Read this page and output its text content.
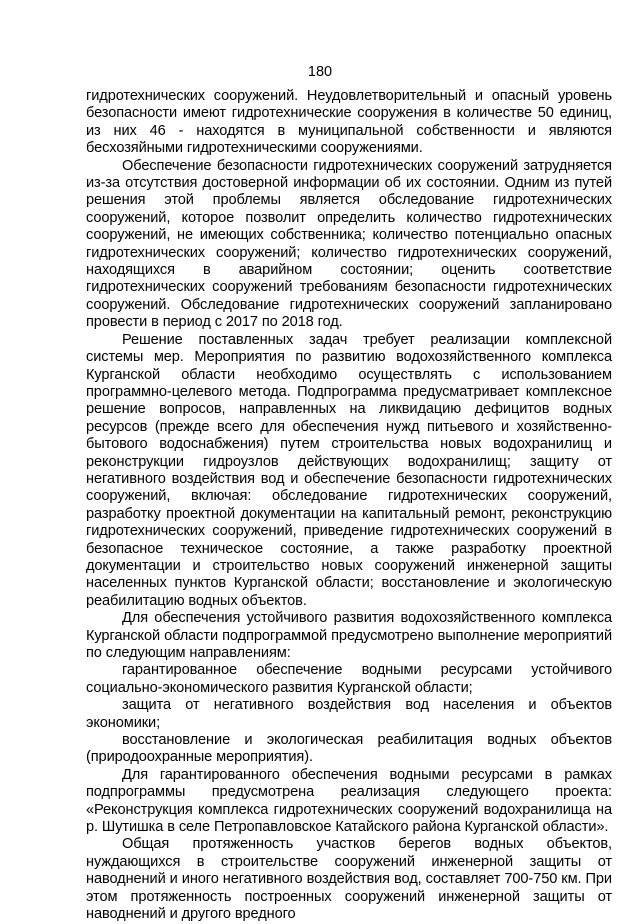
180

гидротехнических сооружений. Неудовлетворительный и опасный уровень безопасности имеют гидротехнические сооружения в количестве 50 единиц, из них 46 - находятся в муниципальной собственности и являются бесхозяйными гидротехническими сооружениями.

Обеспечение безопасности гидротехнических сооружений затрудняется из-за отсутствия достоверной информации об их состоянии. Одним из путей решения этой проблемы является обследование гидротехнических сооружений, которое позволит определить количество гидротехнических сооружений, не имеющих собственника; количество потенциально опасных гидротехнических сооружений; количество гидротехнических сооружений, находящихся в аварийном состоянии; оценить соответствие гидротехнических сооружений требованиям безопасности гидротехнических сооружений. Обследование гидротехнических сооружений запланировано провести в период с 2017 по 2018 год.

Решение поставленных задач требует реализации комплексной системы мер. Мероприятия по развитию водохозяйственного комплекса Курганской области необходимо осуществлять с использованием программно-целевого метода. Подпрограмма предусматривает комплексное решение вопросов, направленных на ликвидацию дефицитов водных ресурсов (прежде всего для обеспечения нужд питьевого и хозяйственно-бытового водоснабжения) путем строительства новых водохранилищ и реконструкции гидроузлов действующих водохранилищ; защиту от негативного воздействия вод и обеспечение безопасности гидротехнических сооружений, включая: обследование гидротехнических сооружений, разработку проектной документации на капитальный ремонт, реконструкцию гидротехнических сооружений, приведение гидротехнических сооружений в безопасное техническое состояние, а также разработку проектной документации и строительство новых сооружений инженерной защиты населенных пунктов Курганской области; восстановление и экологическую реабилитацию водных объектов.

Для обеспечения устойчивого развития водохозяйственного комплекса Курганской области подпрограммой предусмотрено выполнение мероприятий по следующим направлениям:

гарантированное обеспечение водными ресурсами устойчивого социально-экономического развития Курганской области;

защита от негативного воздействия вод населения и объектов экономики;

восстановление и экологическая реабилитация водных объектов (природоохранные мероприятия).

Для гарантированного обеспечения водными ресурсами в рамках подпрограммы предусмотрена реализация следующего проекта: «Реконструкция комплекса гидротехнических сооружений водохранилища на р. Шутишка в селе Петропавловское Катайского района Курганской области».

Общая протяженность участков берегов водных объектов, нуждающихся в строительстве сооружений инженерной защиты от наводнений и иного негативного воздействия вод, составляет 700-750 км. При этом протяженность построенных сооружений инженерной защиты от наводнений и другого вредного
